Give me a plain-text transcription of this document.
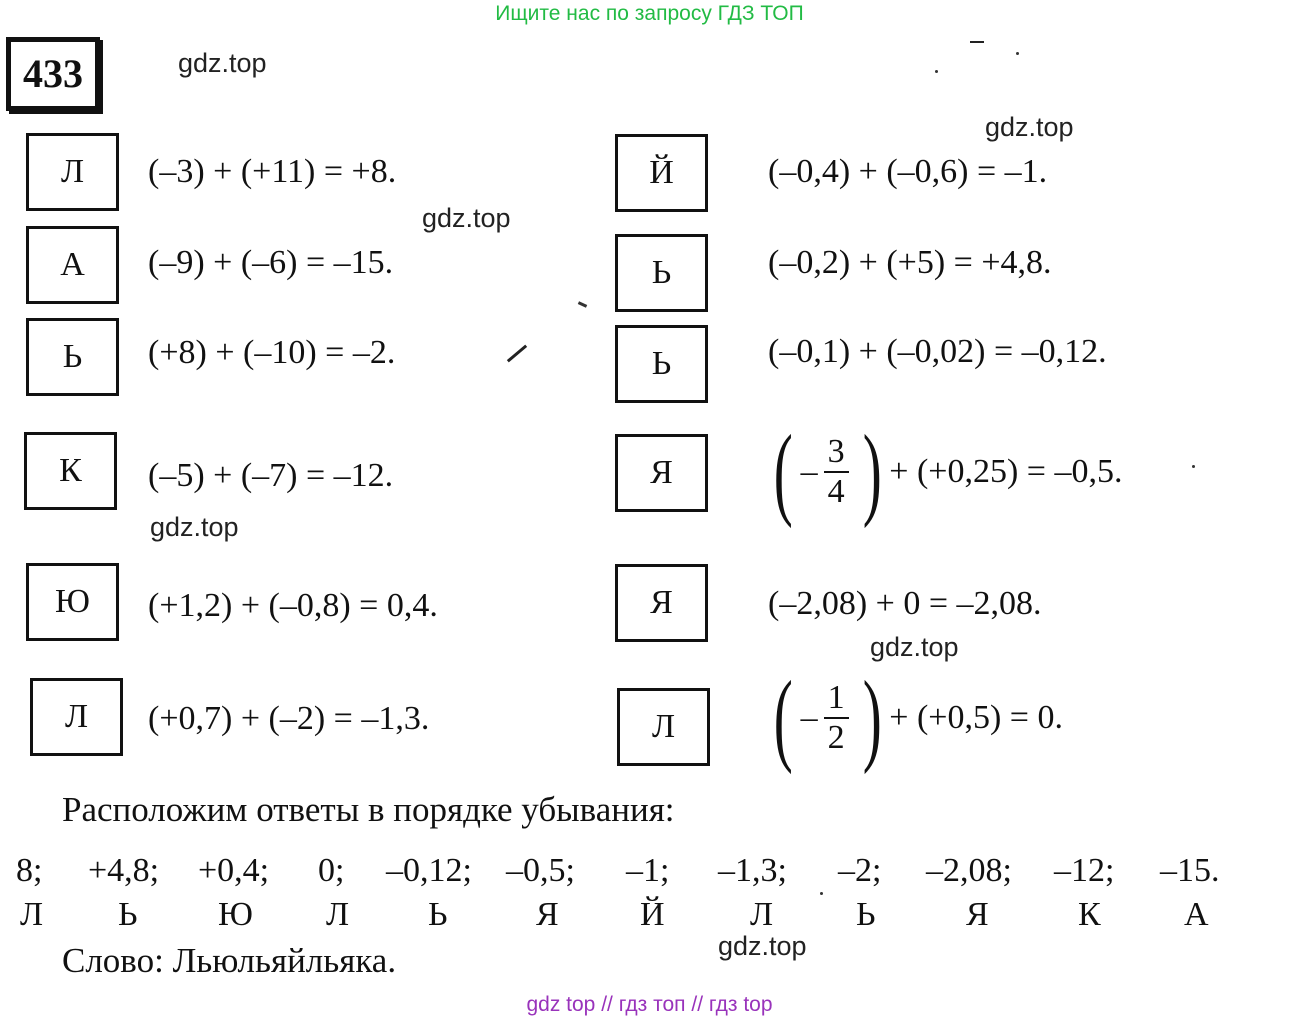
Ищите нас по запросу ГДЗ ТОП
433	gdz.top
gdz.top
gdz.top
gdz.top
gdz.top
gdz.top
Л	(–3) + (+11) = +8.
А	(–9) + (–6) = –15.
Ь	(+8) + (–10) = –2.
К	(–5) + (–7) = –12.
Ю	(+1,2) + (–0,8) = 0,4.
Л	(+0,7) + (–2) = –1,3.
Й	(–0,4) + (–0,6) = –1.
Ь	(–0,2) + (+5) = +4,8.
Ь	(–0,1) + (–0,02) = –0,12.
Я ( – $\frac{3}{4}$ ) + (+0,25) = –0,5.
Я	(–2,08) + 0 = –2,08.
Л ( – $\frac{1}{2}$ ) + (+0,5) = 0.
Расположим ответы в порядке убывания:
8; +4,8; +0,4; 0; –0,12; –0,5; –1; –1,3; –2; –2,08; –12; –15.
Л Ь Ю Л Ь	Я Й	Л Ь	Я	К А
Слово: Льюльяйльяка.
gdz top // гдз топ // гдз top
